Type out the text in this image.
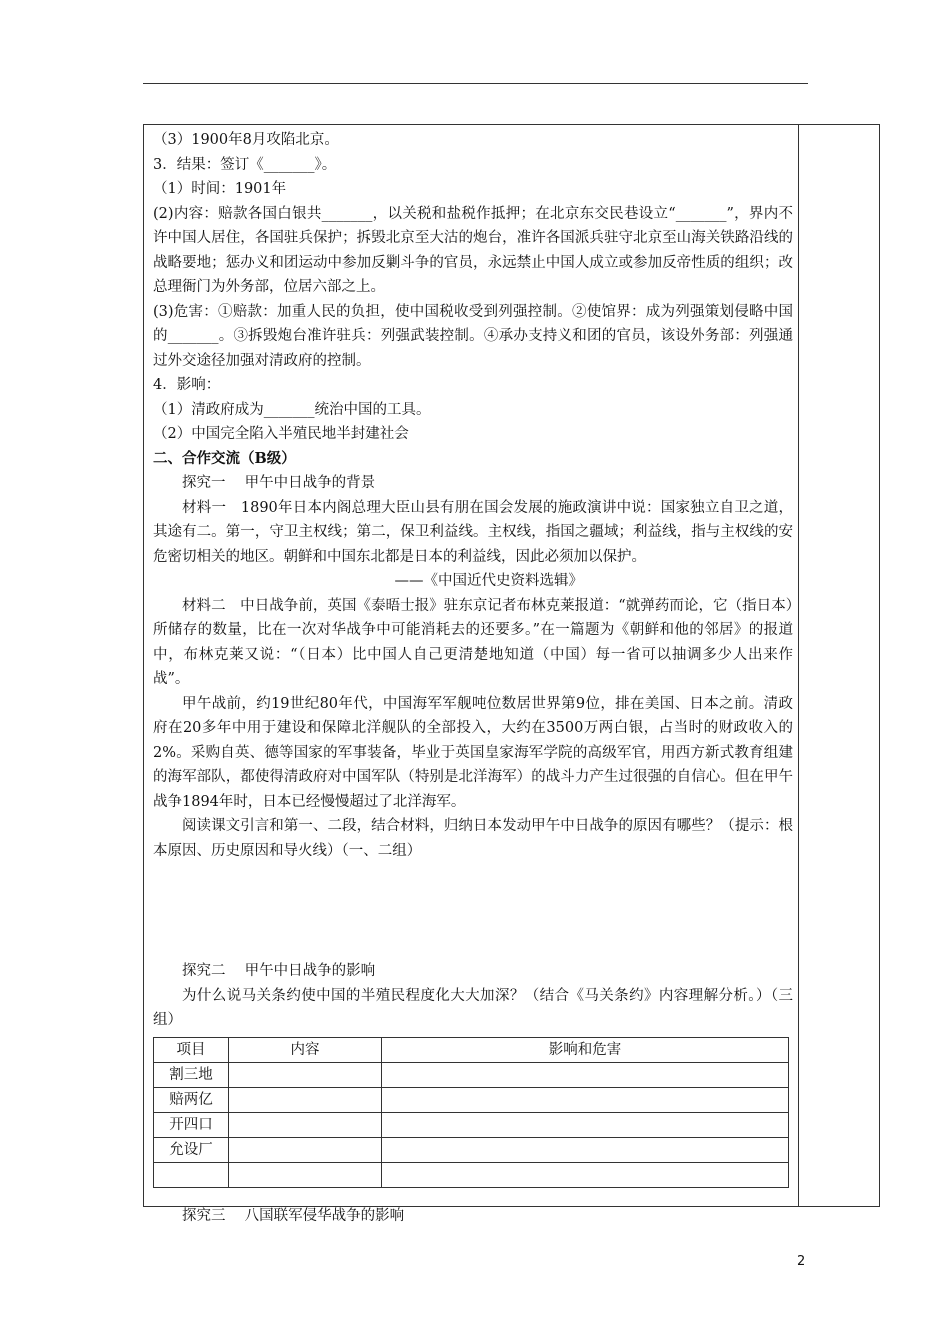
（3）1900年8月攻陷北京。

3．结果：签订《_______》。

（1）时间：1901年

(2)内容：赔款各国白银共_______，以关税和盐税作抵押；在北京东交民巷设立“_______”，界内不许中国人居住，各国驻兵保护；拆毁北京至大沽的炮台，准许各国派兵驻守北京至山海关铁路沿线的战略要地；惩办义和团运动中参加反剿斗争的官员，永远禁止中国人成立或参加反帝性质的组织；改总理衙门为外务部，位居六部之上。

(3)危害：①赔款：加重人民的负担，使中国税收受到列强控制。②使馆界：成为列强策划侵略中国的_______。③拆毁炮台准许驻兵：列强武装控制。④承办支持义和团的官员，该设外务部：列强通过外交途径加强对清政府的控制。

4．影响：

（1）清政府成为_______统治中国的工具。

（2）中国完全陷入半殖民地半封建社会

二、合作交流（B级）

探究一　 甲午中日战争的背景

材料一　1890年日本内阁总理大臣山县有朋在国会发展的施政演讲中说：国家独立自卫之道，其途有二。第一，守卫主权线；第二，保卫利益线。主权线，指国之疆域；利益线，指与主权线的安危密切相关的地区。朝鲜和中国东北都是日本的利益线，因此必须加以保护。

——《中国近代史资料选辑》

材料二　中日战争前，英国《泰晤士报》驻东京记者布林克莱报道：“就弹药而论，它（指日本）所储存的数量，比在一次对华战争中可能消耗去的还要多。”在一篇题为《朝鲜和他的邻居》的报道中，布林克莱又说：“（日本）比中国人自己更清楚地知道（中国）每一省可以抽调多少人出来作战”。

甲午战前，约19世纪80年代，中国海军军舰吨位数居世界第9位，排在美国、日本之前。清政府在20多年中用于建设和保障北洋舰队的全部投入，大约在3500万两白银，占当时的财政收入的2%。采购自英、德等国家的军事装备，毕业于英国皇家海军学院的高级军官，用西方新式教育组建的海军部队，都使得清政府对中国军队（特别是北洋海军）的战斗力产生过很强的自信心。但在甲午战争1894年时，日本已经慢慢超过了北洋海军。

阅读课文引言和第一、二段，结合材料，归纳日本发动甲午中日战争的原因有哪些？（提示：根本原因、历史原因和导火线）（一、二组）

探究二　 甲午中日战争的影响

为什么说马关条约使中国的半殖民程度化大大加深？（结合《马关条约》内容理解分析。）（三组）

项目	内容	影响和危害
割三地		
赔两亿		
开四口		
允设厂		

探究三　 八国联军侵华战争的影响

2
